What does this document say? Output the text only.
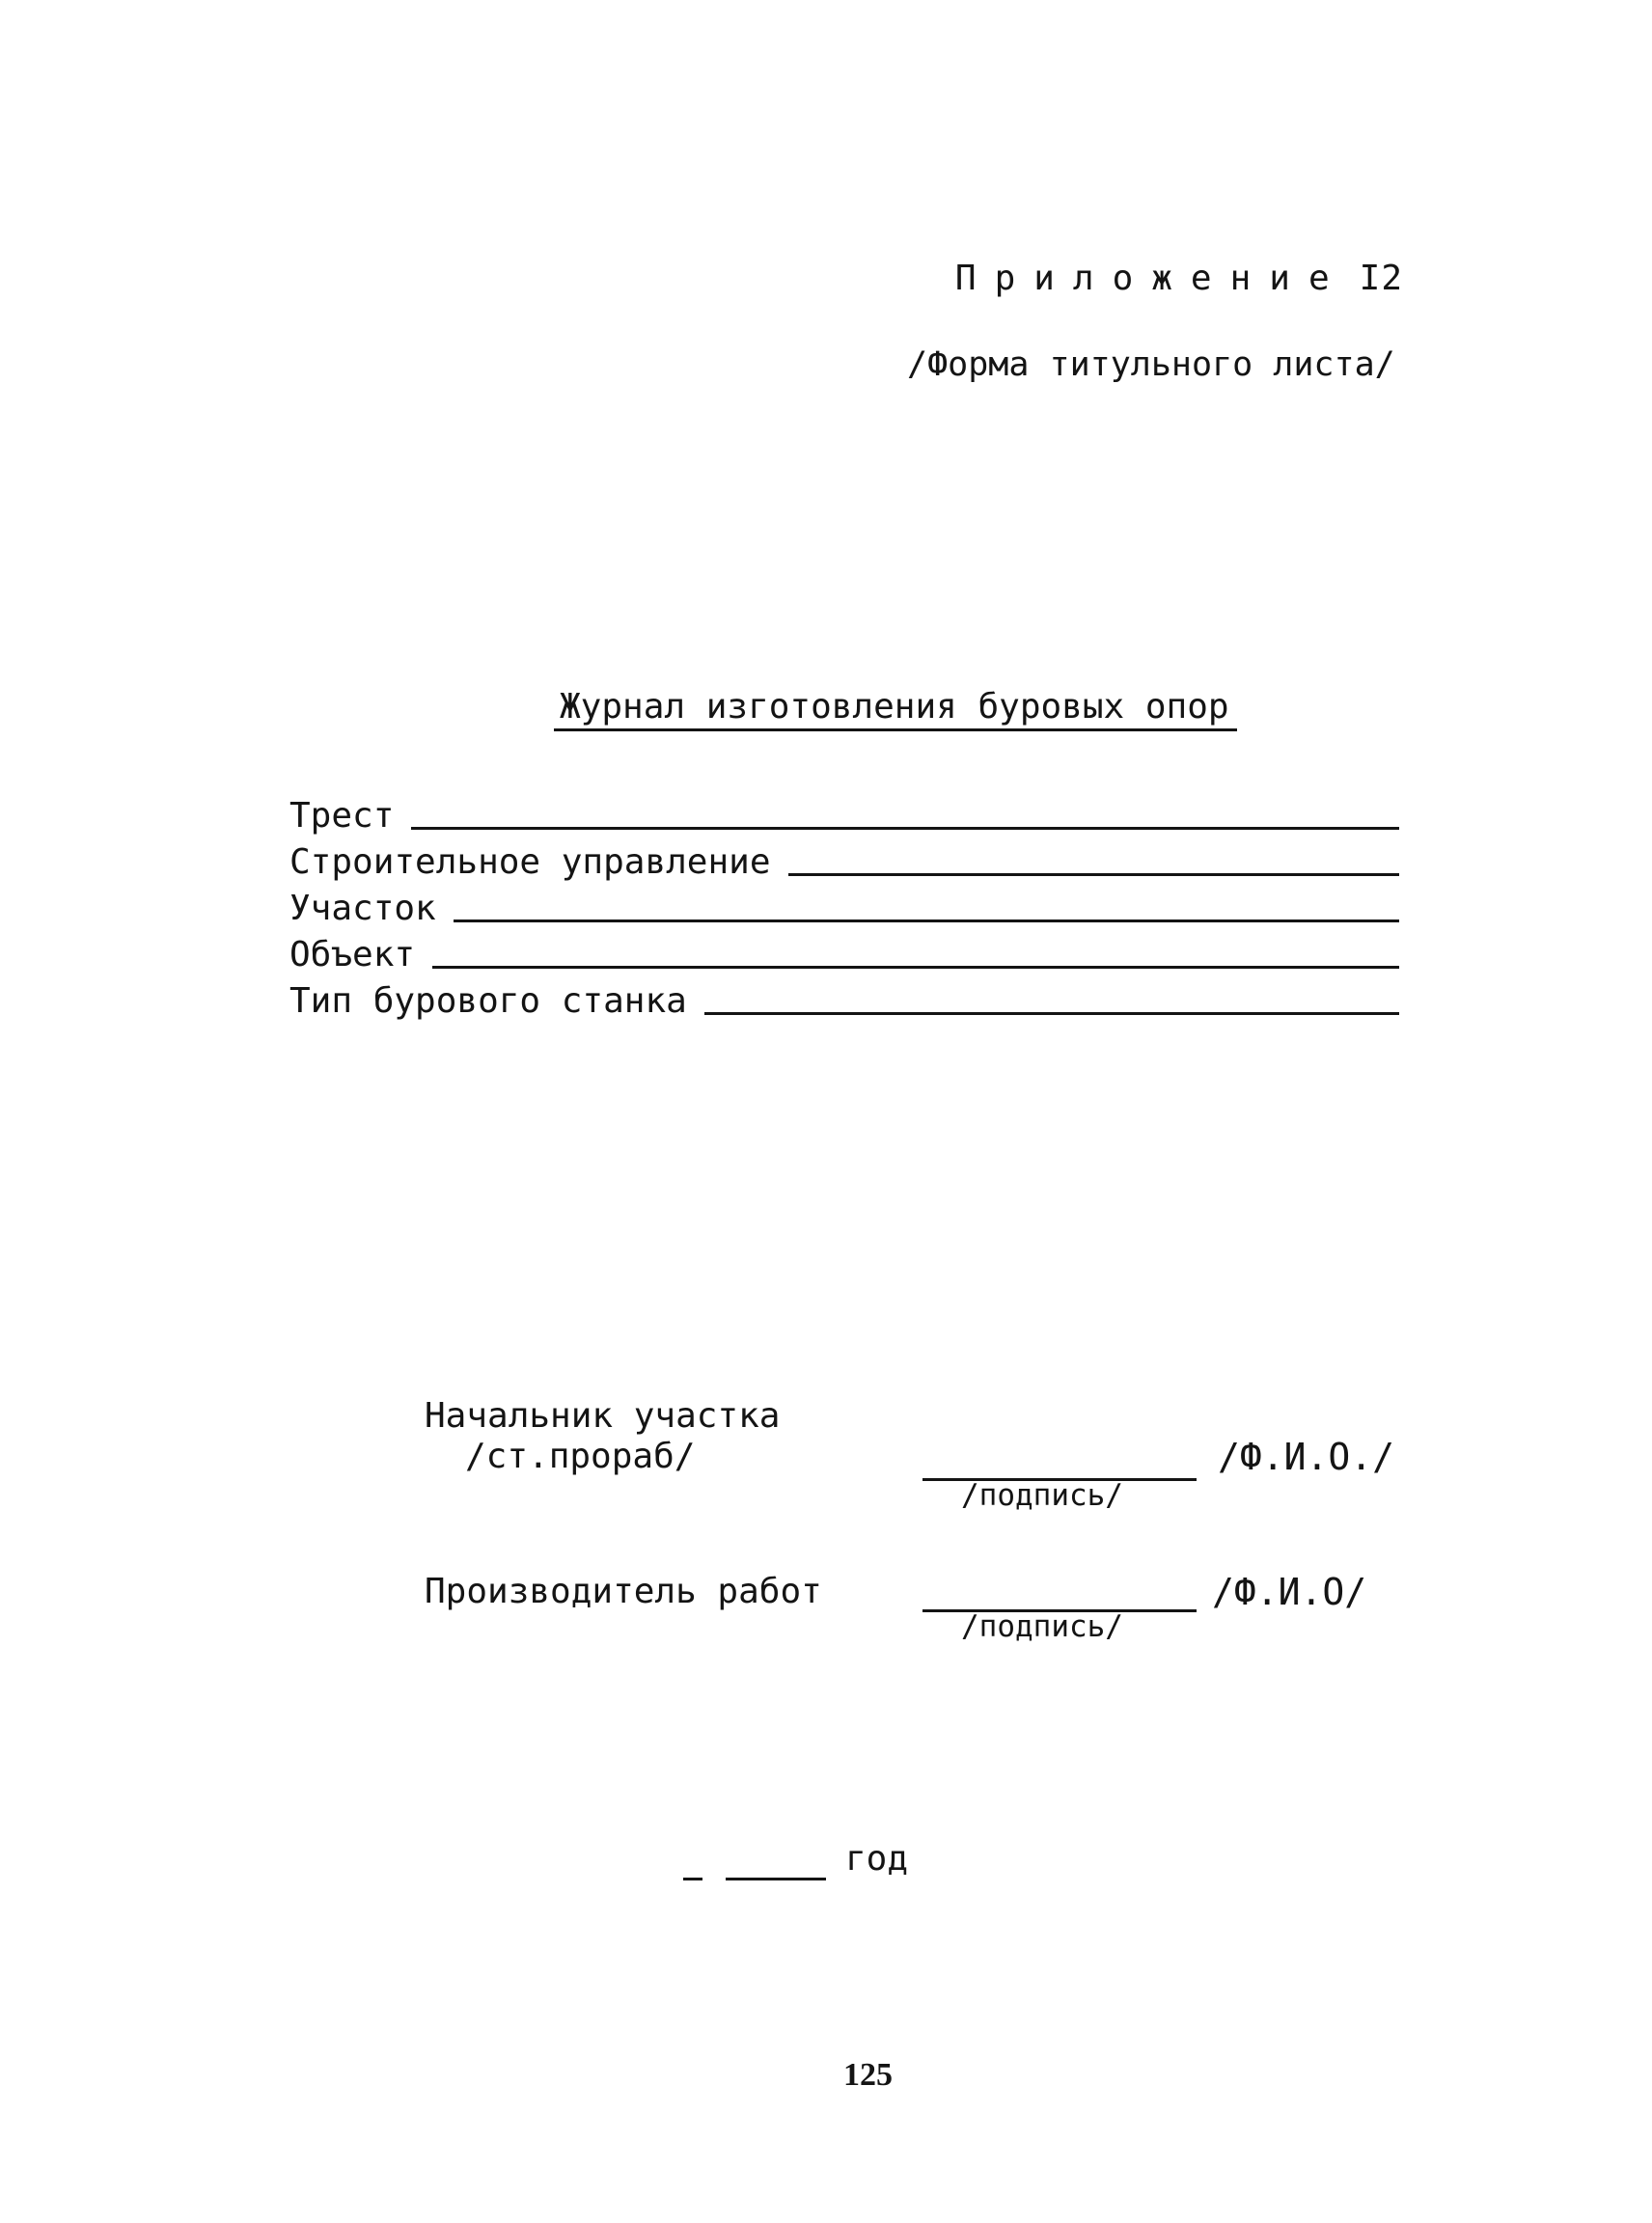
Приложение I2
/Форма титульного листа/
Журнал изготовления буровых опор
Трест
Строительное управление
Участок
Объект
Тип бурового станка
Начальник участка
/ст.прораб/
/подпись/
/Ф.И.О./
Производитель работ
/подпись/
/Ф.И.О/
год
125
